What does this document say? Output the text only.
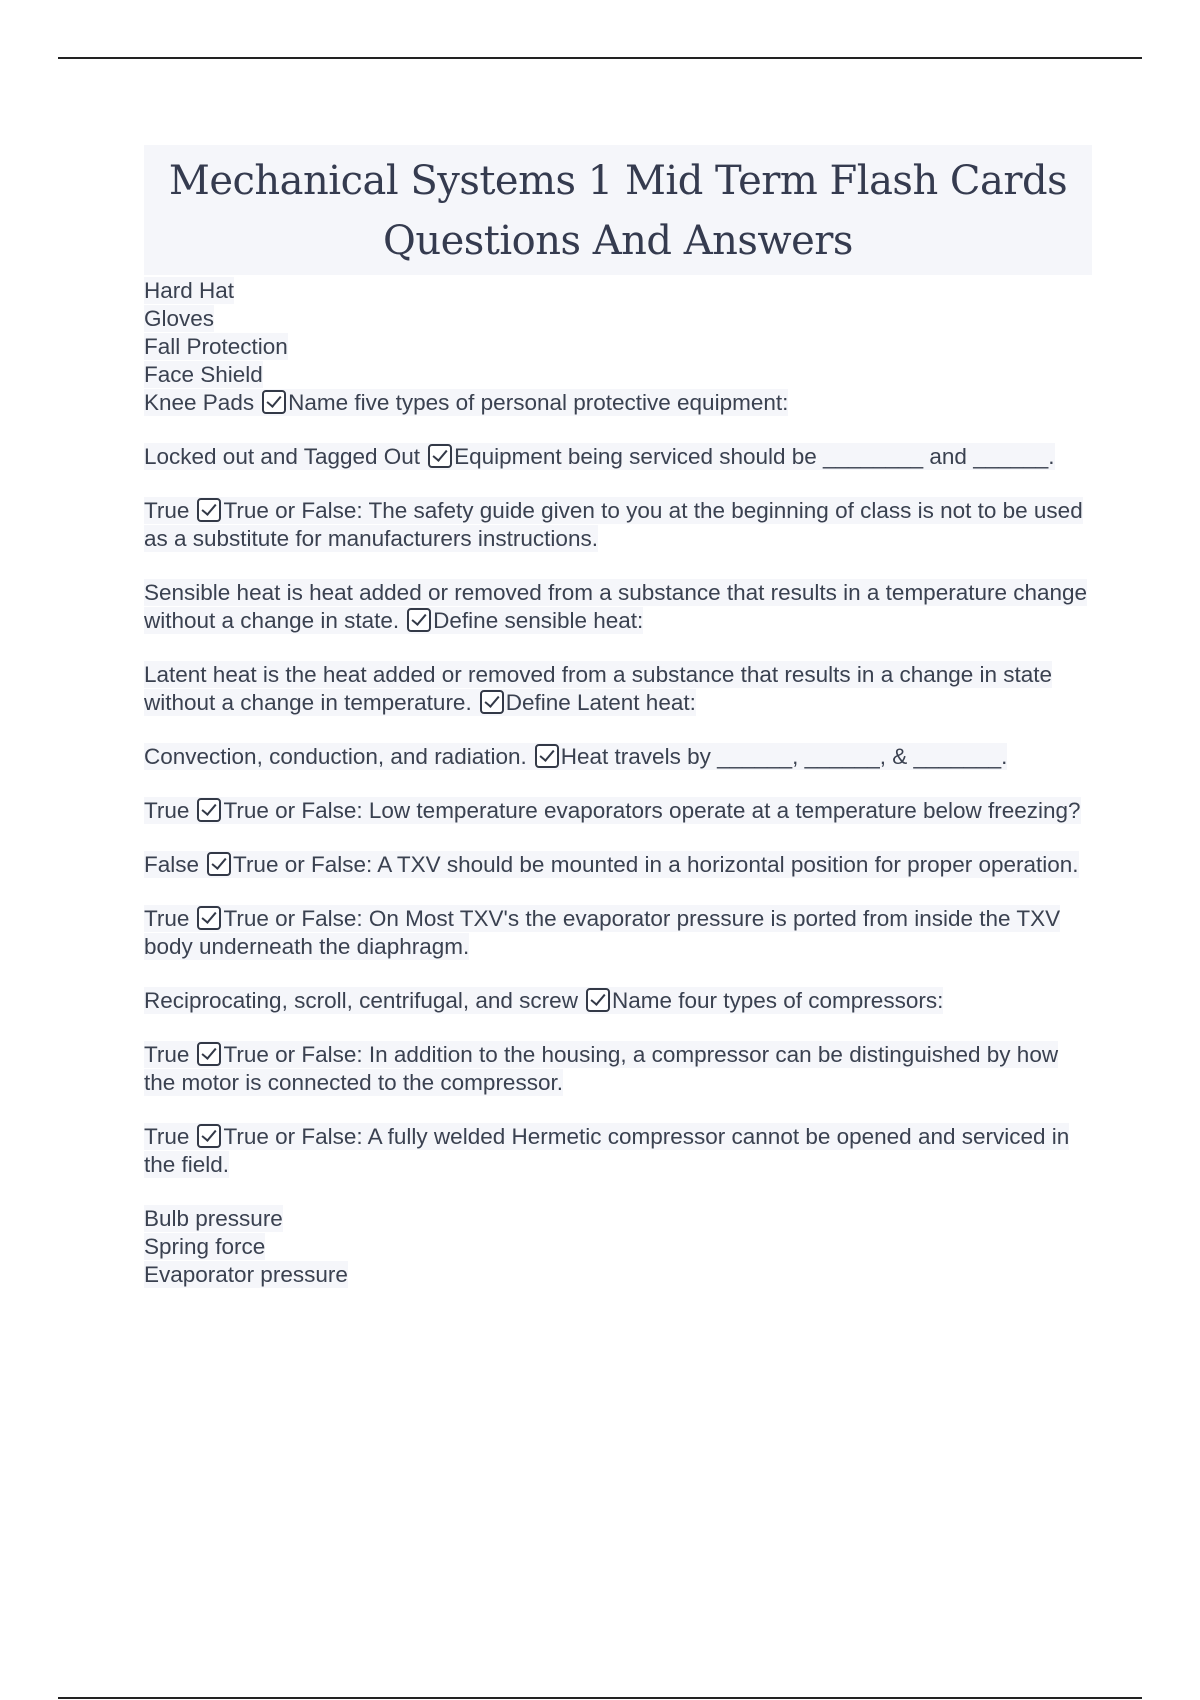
Mechanical Systems 1 Mid Term Flash Cards
Questions And Answers
Hard Hat
Gloves
Fall Protection
Face Shield
Knee Pads Name five types of personal protective equipment:
Locked out and Tagged Out Equipment being serviced should be ________ and ______.
True True or False: The safety guide given to you at the beginning of class is not to be used as a substitute for manufacturers instructions.
Sensible heat is heat added or removed from a substance that results in a temperature change without a change in state. Define sensible heat:
Latent heat is the heat added or removed from a substance that results in a change in state without a change in temperature. Define Latent heat:
Convection, conduction, and radiation. Heat travels by ______, ______, & _______.
True True or False: Low temperature evaporators operate at a temperature below freezing?
False True or False: A TXV should be mounted in a horizontal position for proper operation.
True True or False: On Most TXV's the evaporator pressure is ported from inside the TXV body underneath the diaphragm.
Reciprocating, scroll, centrifugal, and screw Name four types of compressors:
True True or False: In addition to the housing, a compressor can be distinguished by how the motor is connected to the compressor.
True True or False: A fully welded Hermetic compressor cannot be opened and serviced in the field.
Bulb pressure
Spring force
Evaporator pressure
